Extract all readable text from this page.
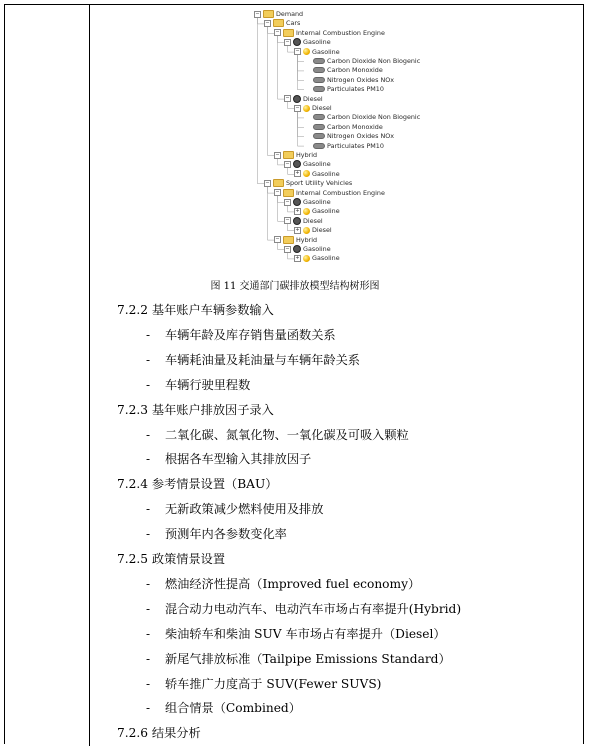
−	Demand
−	Cars
−	Internal Combustion Engine
− Gasoline
− Gasoline
Carbon Dioxide Non Biogenic
Carbon Monoxide
Nitrogen Oxides NOx
Particulates PM10
− Diesel
− Diesel
Carbon Dioxide Non Biogenic
Carbon Monoxide
Nitrogen Oxides NOx
Particulates PM10
−	Hybrid
− Gasoline
+ Gasoline
−	Sport Utility Vehicles
−	Internal Combustion Engine
− Gasoline
+ Gasoline
− Diesel
+ Diesel
−	Hybrid
− Gasoline
+ Gasoline
图 11 交通部门碳排放模型结构树形图
7.2.2 基年账户车辆参数输入
- 车辆年龄及库存销售量函数关系
- 车辆耗油量及耗油量与车辆年龄关系
- 车辆行驶里程数
7.2.3 基年账户排放因子录入
- 二氧化碳、氮氧化物、一氧化碳及可吸入颗粒
- 根据各车型输入其排放因子
7.2.4 参考情景设置（BAU）
- 无新政策减少燃料使用及排放
- 预测年内各参数变化率
7.2.5 政策情景设置
- 燃油经济性提高（Improved fuel economy）
- 混合动力电动汽车、电动汽车市场占有率提升(Hybrid)
- 柴油轿车和柴油 SUV 车市场占有率提升（Diesel）
- 新尾气排放标准（Tailpipe Emissions Standard）
- 轿车推广力度高于 SUV(Fewer SUVS)
- 组合情景（Combined）
7.2.6 结果分析
